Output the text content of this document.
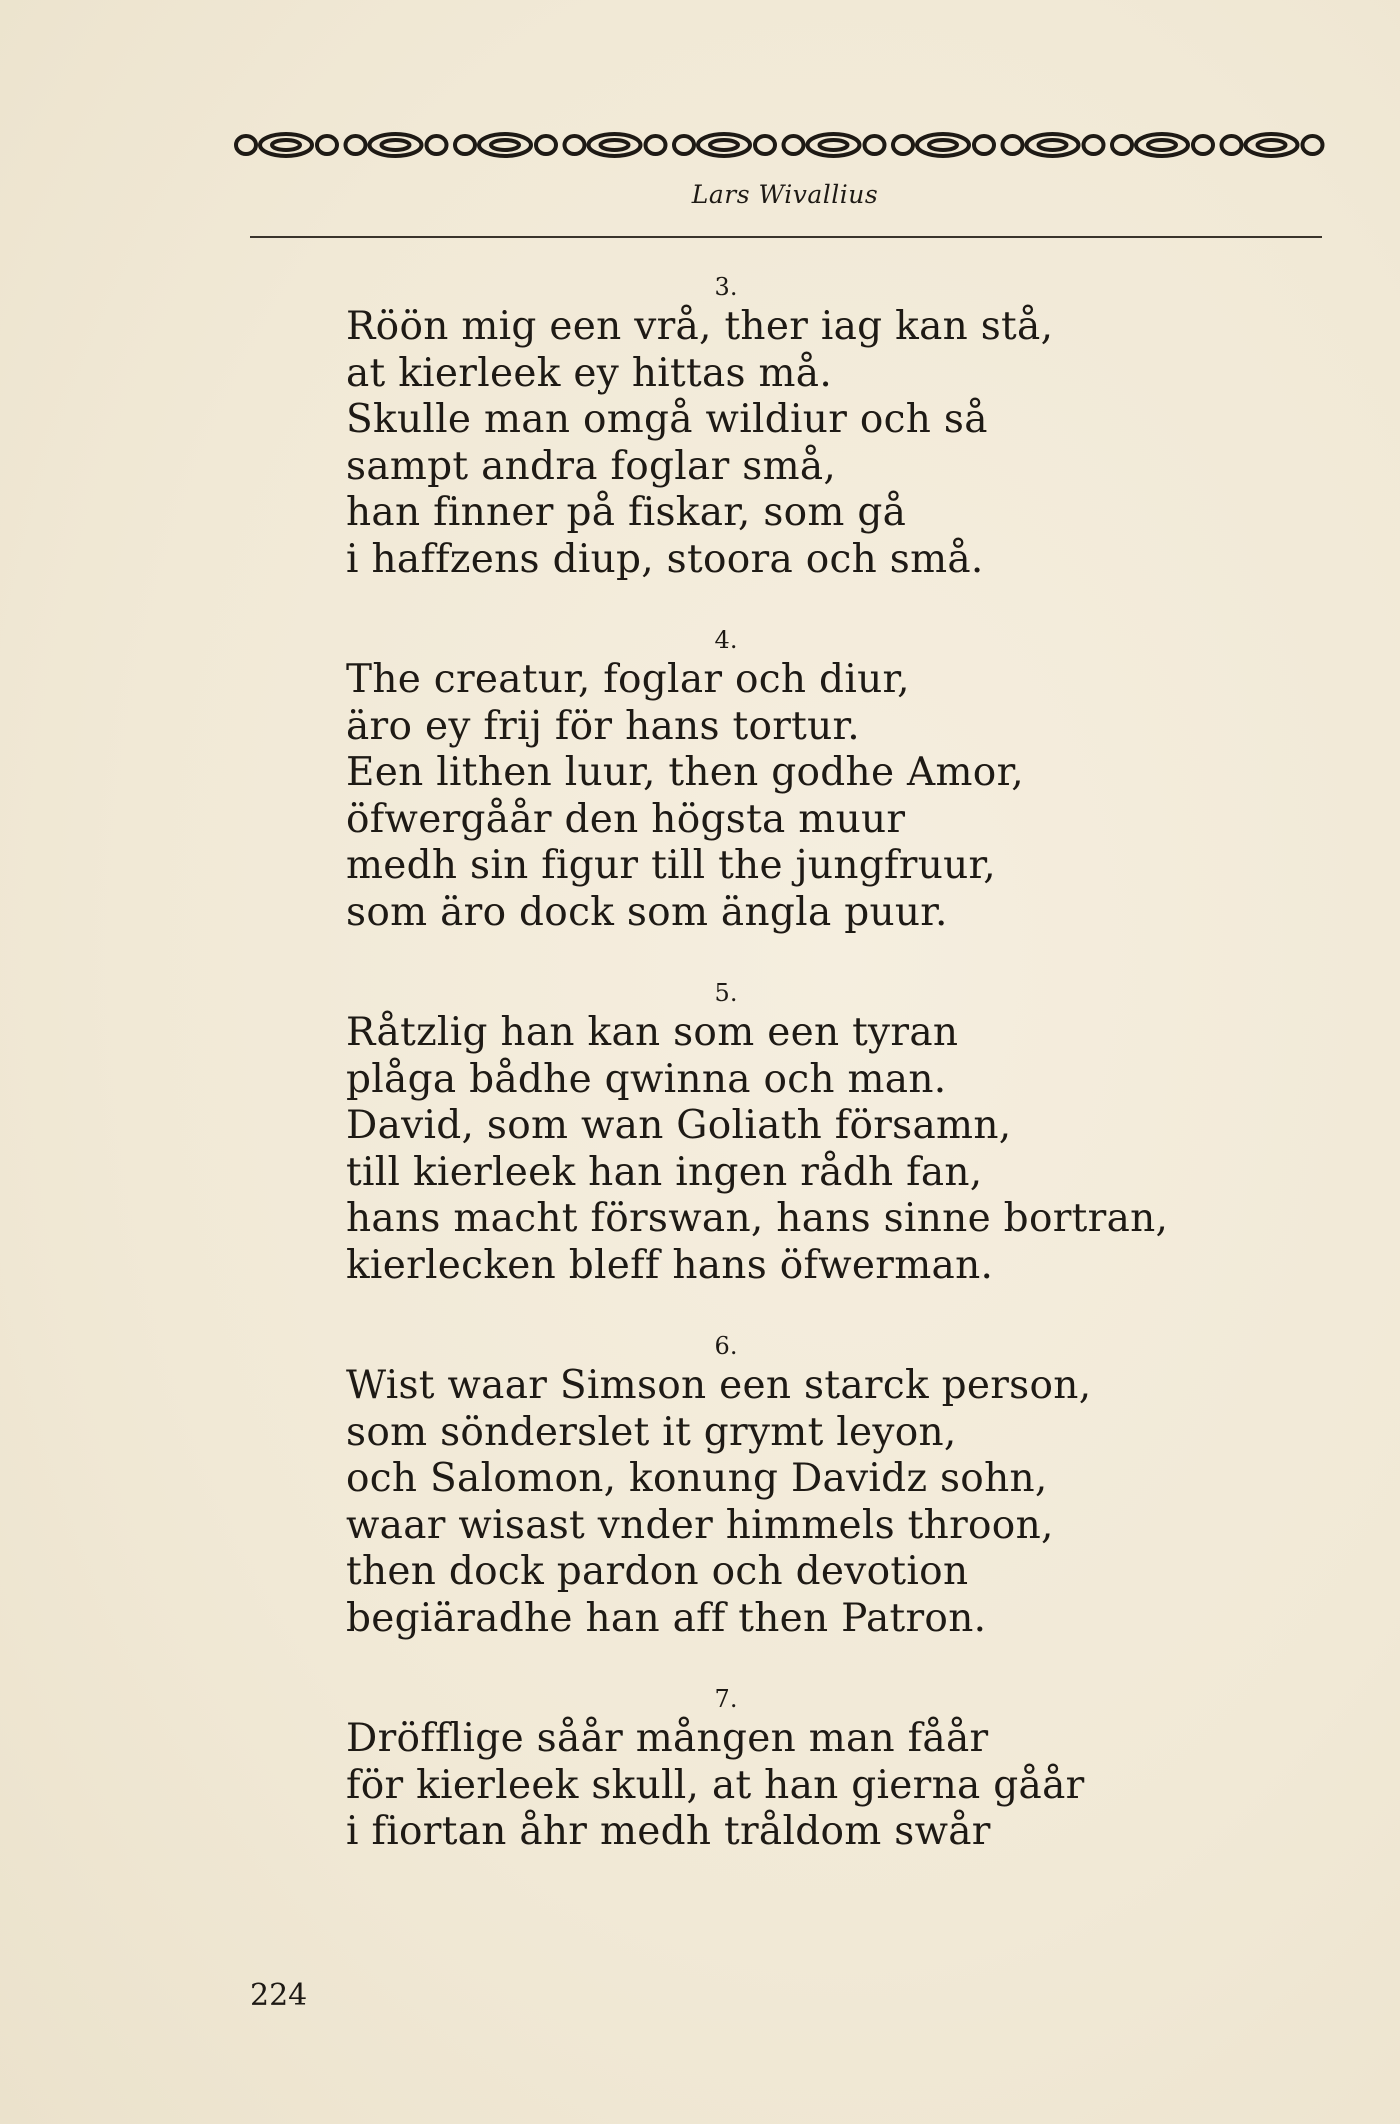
Lars Wivallius
3.
Röön mig een vrå, ther iag kan stå,
at kierleek ey hittas må.
Skulle man omgå wildiur och så
sampt andra foglar små,
han finner på fiskar, som gå
i haffzens diup, stoora och små.
4.
The creatur, foglar och diur,
äro ey frij för hans tortur.
Een lithen luur, then godhe Amor,
öfwergåår den högsta muur
medh sin figur till the jungfruur,
som äro dock som ängla puur.
5.
Råtzlig han kan som een tyran
plåga bådhe qwinna och man.
David, som wan Goliath församn,
till kierleek han ingen rådh fan,
hans macht förswan, hans sinne bortran,
kierlecken bleff hans öfwerman.
6.
Wist waar Simson een starck person,
som sönderslet it grymt leyon,
och Salomon, konung Davidz sohn,
waar wisast vnder himmels throon,
then dock pardon och devotion
begiäradhe han aff then Patron.
7.
Dröfflige såår mången man fåår
för kierleek skull, at han gierna gåår
i fiortan åhr medh tråldom swår
224
